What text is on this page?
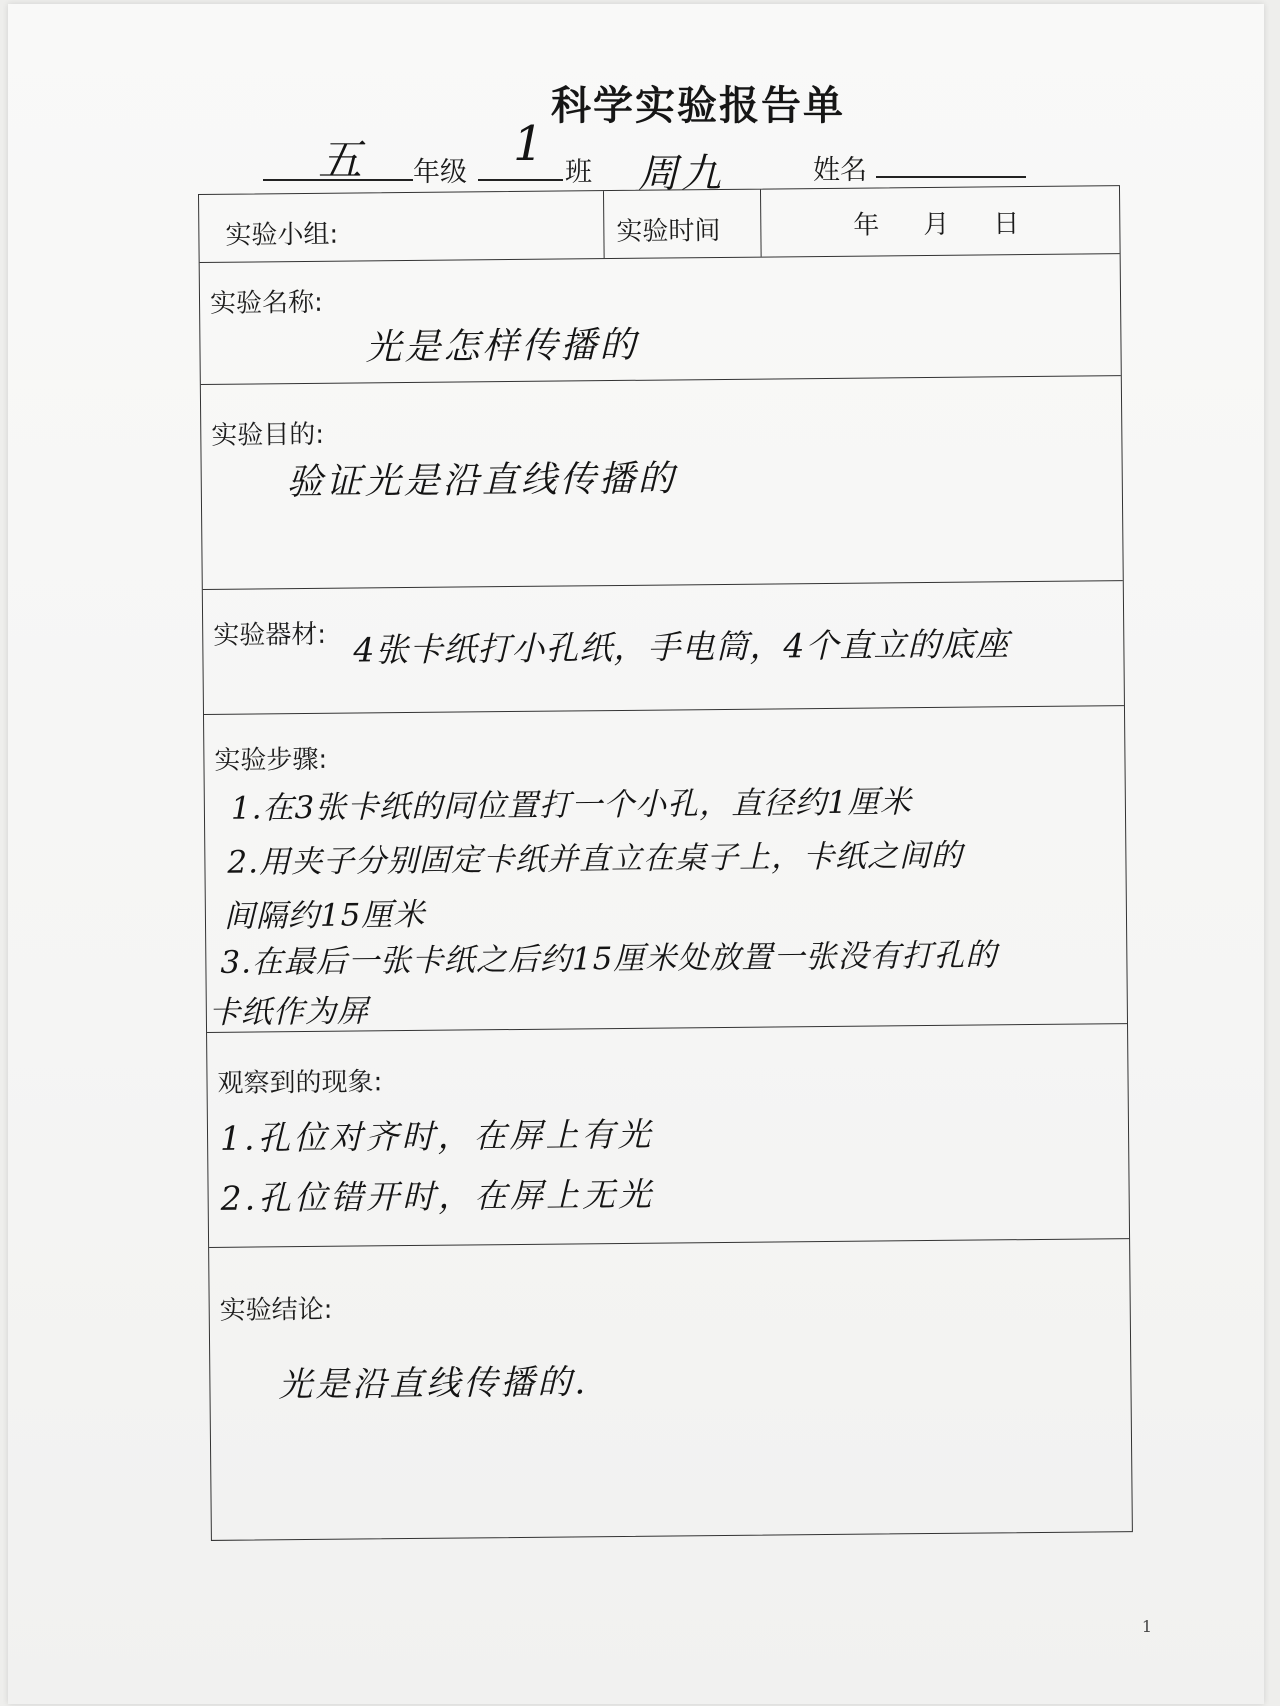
科学实验报告单
五 年级
1
班 周九	姓名
实验小组:	实验时间	年 月 日
实验名称:
光是怎样传播的
实验目的:
验证光是沿直线传播的
实验器材: 4张卡纸打小孔纸，手电筒，4个直立的底座
实验步骤:
1.在3张卡纸的同位置打一个小孔，直径约1厘米
2.用夹子分别固定卡纸并直立在桌子上，卡纸之间的
间隔约15厘米
3.在最后一张卡纸之后约15厘米处放置一张没有打孔的
卡纸作为屏
观察到的现象:
1.孔位对齐时，在屏上有光
2.孔位错开时，在屏上无光
实验结论:
光是沿直线传播的.
1
